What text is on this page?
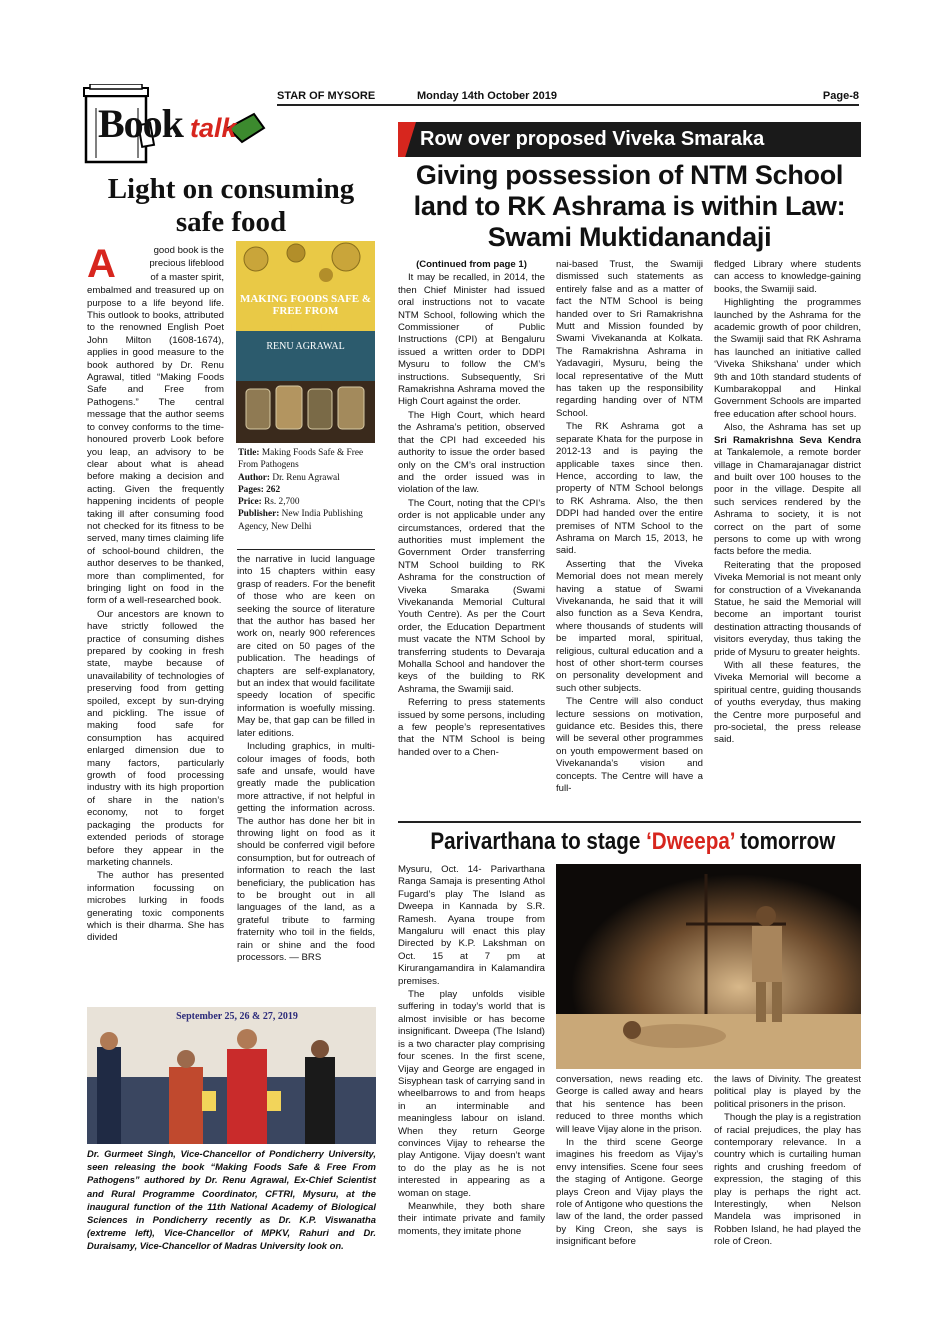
STAR OF MYSORE	Monday 14th October 2019	Page-8
Book talk
Light on consuming
safe food
A	good book is the

precious lifeblood

of a master spirit,

embalmed and treasured up on purpose to a life beyond life. This outlook to books, attributed to the renowned English Poet John Milton (1608-1674), applies in good measure to the book authored by Dr. Renu Agrawal, titled “Making Foods Safe and Free from Pathogens.” The central message that the author seems to convey conforms to the time-honoured proverb Look before you leap, an advisory to be clear about what is ahead before making a decision and acting. Given the frequently happening incidents of people taking ill after consuming food not checked for its fitness to be served, many times claiming life of school-bound children, the author deserves to be thanked, more than complimented, for bringing light on food in the form of a well-researched book.

Our ancestors are known to have strictly followed the practice of consuming dishes prepared by cooking in fresh state, maybe because of unavailability of technologies of preserving food from getting spoiled, except by sun-drying and pickling. The issue of making food safe for consumption has acquired enlarged dimension due to many factors, particularly growth of food processing industry with its high proportion of share in the nation’s economy, not to forget packaging the products for extended periods of storage before they appear in the marketing channels.

The author has presented information focussing on microbes lurking in foods generating toxic components which is their dharma. She has divided

MAKING FOODS SAFE & FREE FROM
PATHOGENS
RENU AGRAWAL
Title: Making Foods Safe & Free From Pathogens
Author: Dr. Renu Agrawal
Pages: 262
Price: Rs. 2,700
Publisher: New India Publishing Agency, New Delhi

the narrative in lucid language into 15 chapters within easy grasp of readers. For the benefit of those who are keen on seeking the source of literature that the author has based her work on, nearly 900 references are cited on 50 pages of the publication. The headings of chapters are self-explanatory, but an index that would facilitate speedy location of specific information is woefully missing. May be, that gap can be filled in later editions.

Including graphics, in multi-colour images of foods, both safe and unsafe, would have greatly made the publication more attractive, if not helpful in getting the information across. The author has done her bit in throwing light on food as it should be conferred vigil before consumption, but for outreach of information to reach the last beneficiary, the publication has to be brought out in all languages of the land, as a grateful tribute to farming fraternity who toil in the fields, rain or shine and the food processors. — BRS

September 25, 26 & 27, 2019
Dr. Gurmeet Singh, Vice-Chancellor of Pondicherry University, seen releasing the book “Making Foods Safe & Free From Pathogens” authored by Dr. Renu Agrawal, Ex-Chief Scientist and Rural Programme Coordinator, CFTRI, Mysuru, at the inaugural function of the 11th National Academy of Biological Sciences in Pondicherry recently as Dr. K.P. Viswanatha (extreme left), Vice-Chancellor of MPKV, Rahuri and Dr. Duraisamy, Vice-Chancellor of Madras University look on.
Row over proposed Viveka Smaraka
Giving possession of NTM School
land to RK Ashrama is within Law:
Swami Muktidanandaji

(Continued from page 1)

It may be recalled, in 2014, the then Chief Minister had issued oral instructions not to vacate NTM School, following which the Commissioner of Public Instructions (CPI) at Bengaluru issued a written order to DDPI Mysuru to follow the CM’s instructions. Subsequently, Sri Ramakrishna Ashrama moved the High Court against the order.

The High Court, which heard the Ashrama’s petition, observed that the CPI had exceeded his authority to issue the order based only on the CM’s oral instruction and the order issued was in violation of the law.

The Court, noting that the CPI’s order is not applicable under any circumstances, ordered that the authorities must implement the Government Order transferring NTM School building to RK Ashrama for the construction of Viveka Smaraka (Swami Vivekananda Memorial Cultural Youth Centre). As per the Court order, the Education Department must vacate the NTM School by transferring students to Devaraja Mohalla School and handover the keys of the building to RK Ashrama, the Swamiji said.

Referring to press statements issued by some persons, including a few people’s representatives that the NTM School is being handed over to a Chen-

nai-based Trust, the Swamiji dismissed such statements as entirely false and as a matter of fact the NTM School is being handed over to Sri Ramakrishna Mutt and Mission founded by Swami Vivekananda at Kolkata. The Ramakrishna Ashrama in Yadavagiri, Mysuru, being the local representative of the Mutt has taken up the responsibility regarding handing over of NTM School.

The RK Ashrama got a separate Khata for the purpose in 2012-13 and is paying the applicable taxes since then. Hence, according to law, the property of NTM School belongs to RK Ashrama. Also, the then DDPI had handed over the entire premises of NTM School to the Ashrama on March 15, 2013, he said.

Asserting that the Viveka Memorial does not mean merely having a statue of Swami Vivekananda, he said that it will also function as a Seva Kendra, where thousands of students will be imparted moral, spiritual, religious, cultural education and a host of other short-term courses on personality development and such other subjects.

The Centre will also conduct lecture sessions on motivation, guidance etc. Besides this, there will be several other programmes on youth empowerment based on Vivekananda’s vision and concepts. The Centre will have a full-

fledged Library where students can access to knowledge-gaining books, the Swamiji said.

Highlighting the programmes launched by the Ashrama for the academic growth of poor children, the Swamiji said that RK Ashrama has launched an initiative called ‘Viveka Shikshana’ under which 9th and 10th standard students of Kumbarakoppal and Hinkal Government Schools are imparted free education after school hours.

Also, the Ashrama has set up Sri Ramakrishna Seva Kendra at Tankalemole, a remote border village in Chamarajanagar district and built over 100 houses to the poor in the village. Despite all such services rendered by the Ashrama to society, it is not correct on the part of some persons to come up with wrong facts before the media.

Reiterating that the proposed Viveka Memorial is not meant only for construction of a Vivekananda Statue, he said the Memorial will become an important tourist destination attracting thousands of visitors everyday, thus taking the pride of Mysuru to greater heights.

With all these features, the Viveka Memorial will become a spiritual centre, guiding thousands of youths everyday, thus making the Centre more purposeful and pro-societal, the press release said.

Parivarthana to stage ‘Dweepa’ tomorrow

Mysuru, Oct. 14- Parivarthana Ranga Samaja is presenting Athol Fugard’s play The Island as Dweepa in Kannada by S.R. Ramesh. Ayana troupe from Mangaluru will enact this play Directed by K.P. Lakshman on Oct. 15 at 7 pm at Kirurangamandira in Kalamandira premises.

The play unfolds visible suffering in today’s world that is almost invisible or has become insignificant. Dweepa (The Island) is a two character play comprising four scenes. In the first scene, Vijay and George are engaged in Sisyphean task of carrying sand in wheelbarrows to and from heaps in an interminable and meaningless labour on island. When they return George convinces Vijay to rehearse the play Antigone. Vijay doesn’t want to do the play as he is not interested in appearing as a woman on stage.

Meanwhile, they both share their intimate private and family moments, they imitate phone

conversation, news reading etc. George is called away and hears that his sentence has been reduced to three months which will leave Vijay alone in the prison.

In the third scene George imagines his freedom as Vijay’s envy intensifies. Scene four sees the staging of Antigone. George plays Creon and Vijay plays the role of Antigone who questions the law of the land, the order passed by King Creon, she says is insignificant before

the laws of Divinity. The greatest political play is played by the political prisoners in the prison.

Though the play is a registration of racial prejudices, the play has contemporary relevance. In a country which is curtailing human rights and crushing freedom of expression, the staging of this play is perhaps the right act. Interestingly, when Nelson Mandela was imprisoned in Robben Island, he had played the role of Creon.
